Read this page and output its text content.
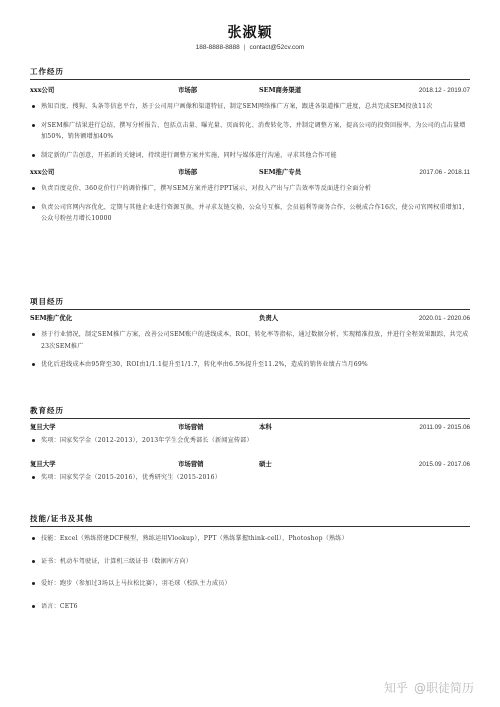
张淑颖
188-8888-8888 | contact@52cv.com
工作经历
xxx公司	市场部	SEM商务渠道	2018.12 - 2019.07
熟知百度、搜狗、头条等信息平台，基于公司用户画像和渠道特征，制定SEM网络推广方案，跟进各渠道推广进度，总共完成SEM投放11次
对SEM推广结果进行总结，撰写分析报告，包括点击量、曝光量、页面转化、消费转化等，并制定调整方案，提高公司的投资回报率，为公司的点击量增加50%，销售额增加40%
制定新的广告创意，开拓新的关键词，持续进行调整方案并实施，同时与媒体进行沟通，寻求其他合作可能
xxx公司	市场部	SEM推广专员	2017.06 - 2018.11
负责百度竞价、360竞价行户的调价推广，撰写SEM方案并进行PPT展示，对投入产出与广告效率等反面进行全面分析
负责公司官网内容优化，定期与其他企业进行资源互换，并寻求友链交换，公众号互推，会员福利等商务合作，公税成合作16次，使公司官网权重增加1，公众号粉丝月增长10000
项目经历
SEM推广优化	负责人	2020.01 - 2020.06
基于行业情况，制定SEM推广方案，改善公司SEM账户的进线成本、ROI、转化率等指标，通过数据分析，实现精准投放，并进行全程效果跟踪，共完成23次SEM推广
优化后进线成本由95降至30，ROI由1/1.1提升至1/1.7，转化率由6.5%提升至11.2%，造成的销售业绩占当月69%
教育经历
复旦大学	市场营销	本科	2011.09 - 2015.06
奖项：国家奖学金（2012-2013），2013年学生会优秀部长（新闻宣传部）
复旦大学	市场营销	硕士	2015.09 - 2017.06
奖项：国家奖学金（2015-2016），优秀研究生（2015-2016）
技能/证书及其他
技能：Excel（熟练搭建DCF模型，熟练运用Vlookup），PPT（熟练掌握think-cell），Photoshop（熟练）
证书：机动车驾驶证，计算机三级证书（数据库方向）
爱好：跑步（参加过3场以上马拉松比赛），羽毛球（校队主力成员）
语言：CET6
知乎 @职徒简历
